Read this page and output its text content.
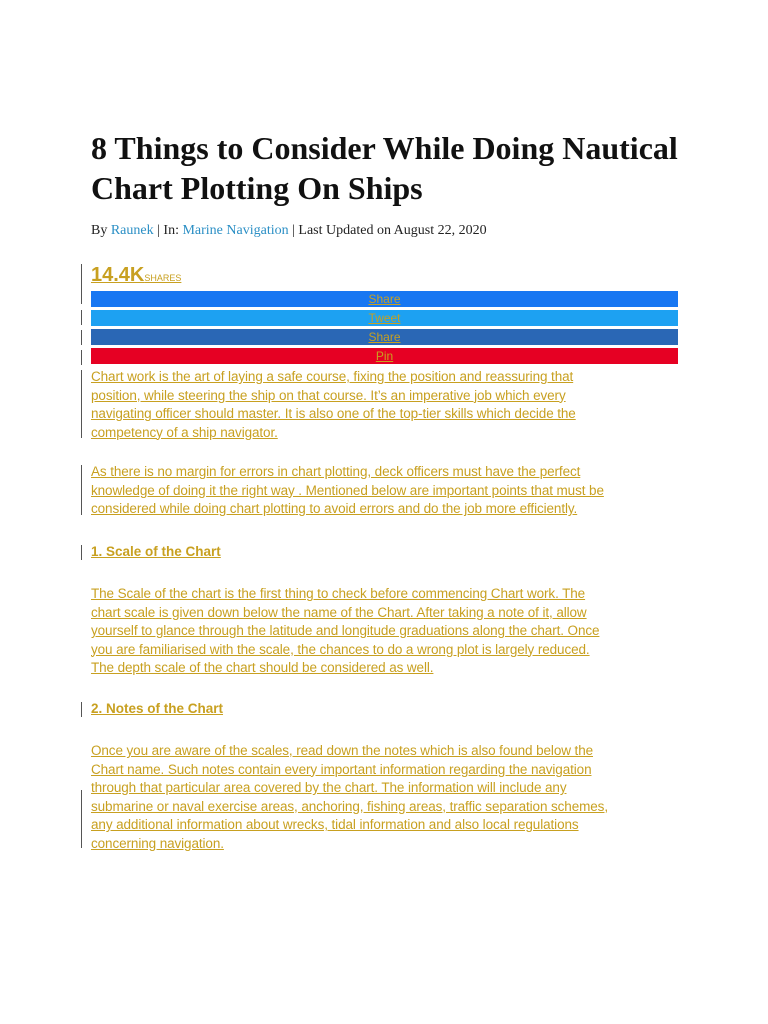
8 Things to Consider While Doing Nautical Chart Plotting On Ships
By Raunek | In: Marine Navigation | Last Updated on August 22, 2020
14.4KSHARES
Share
Tweet
Share
Pin

Chart work is the art of laying a safe course, fixing the position and reassuring that
position, while steering the ship on that course. It’s an imperative job which every
navigating officer should master. It is also one of the top-tier skills which decide the
competency of a ship navigator.

As there is no margin for errors in chart plotting, deck officers must have the perfect
knowledge of doing it the right way . Mentioned below are important points that must be
considered while doing chart plotting to avoid errors and do the job more efficiently.

1. Scale of the Chart

The Scale of the chart is the first thing to check before commencing Chart work. The
chart scale is given down below the name of the Chart. After taking a note of it, allow
yourself to glance through the latitude and longitude graduations along the chart. Once
you are familiarised with the scale, the chances to do a wrong plot is largely reduced.
The depth scale of the chart should be considered as well.

2. Notes of the Chart

Once you are aware of the scales, read down the notes which is also found below the
Chart name. Such notes contain every important information regarding the navigation
through that particular area covered by the chart. The information will include any
submarine or naval exercise areas, anchoring, fishing areas, traffic separation schemes,
any additional information about wrecks, tidal information and also local regulations
concerning navigation.
